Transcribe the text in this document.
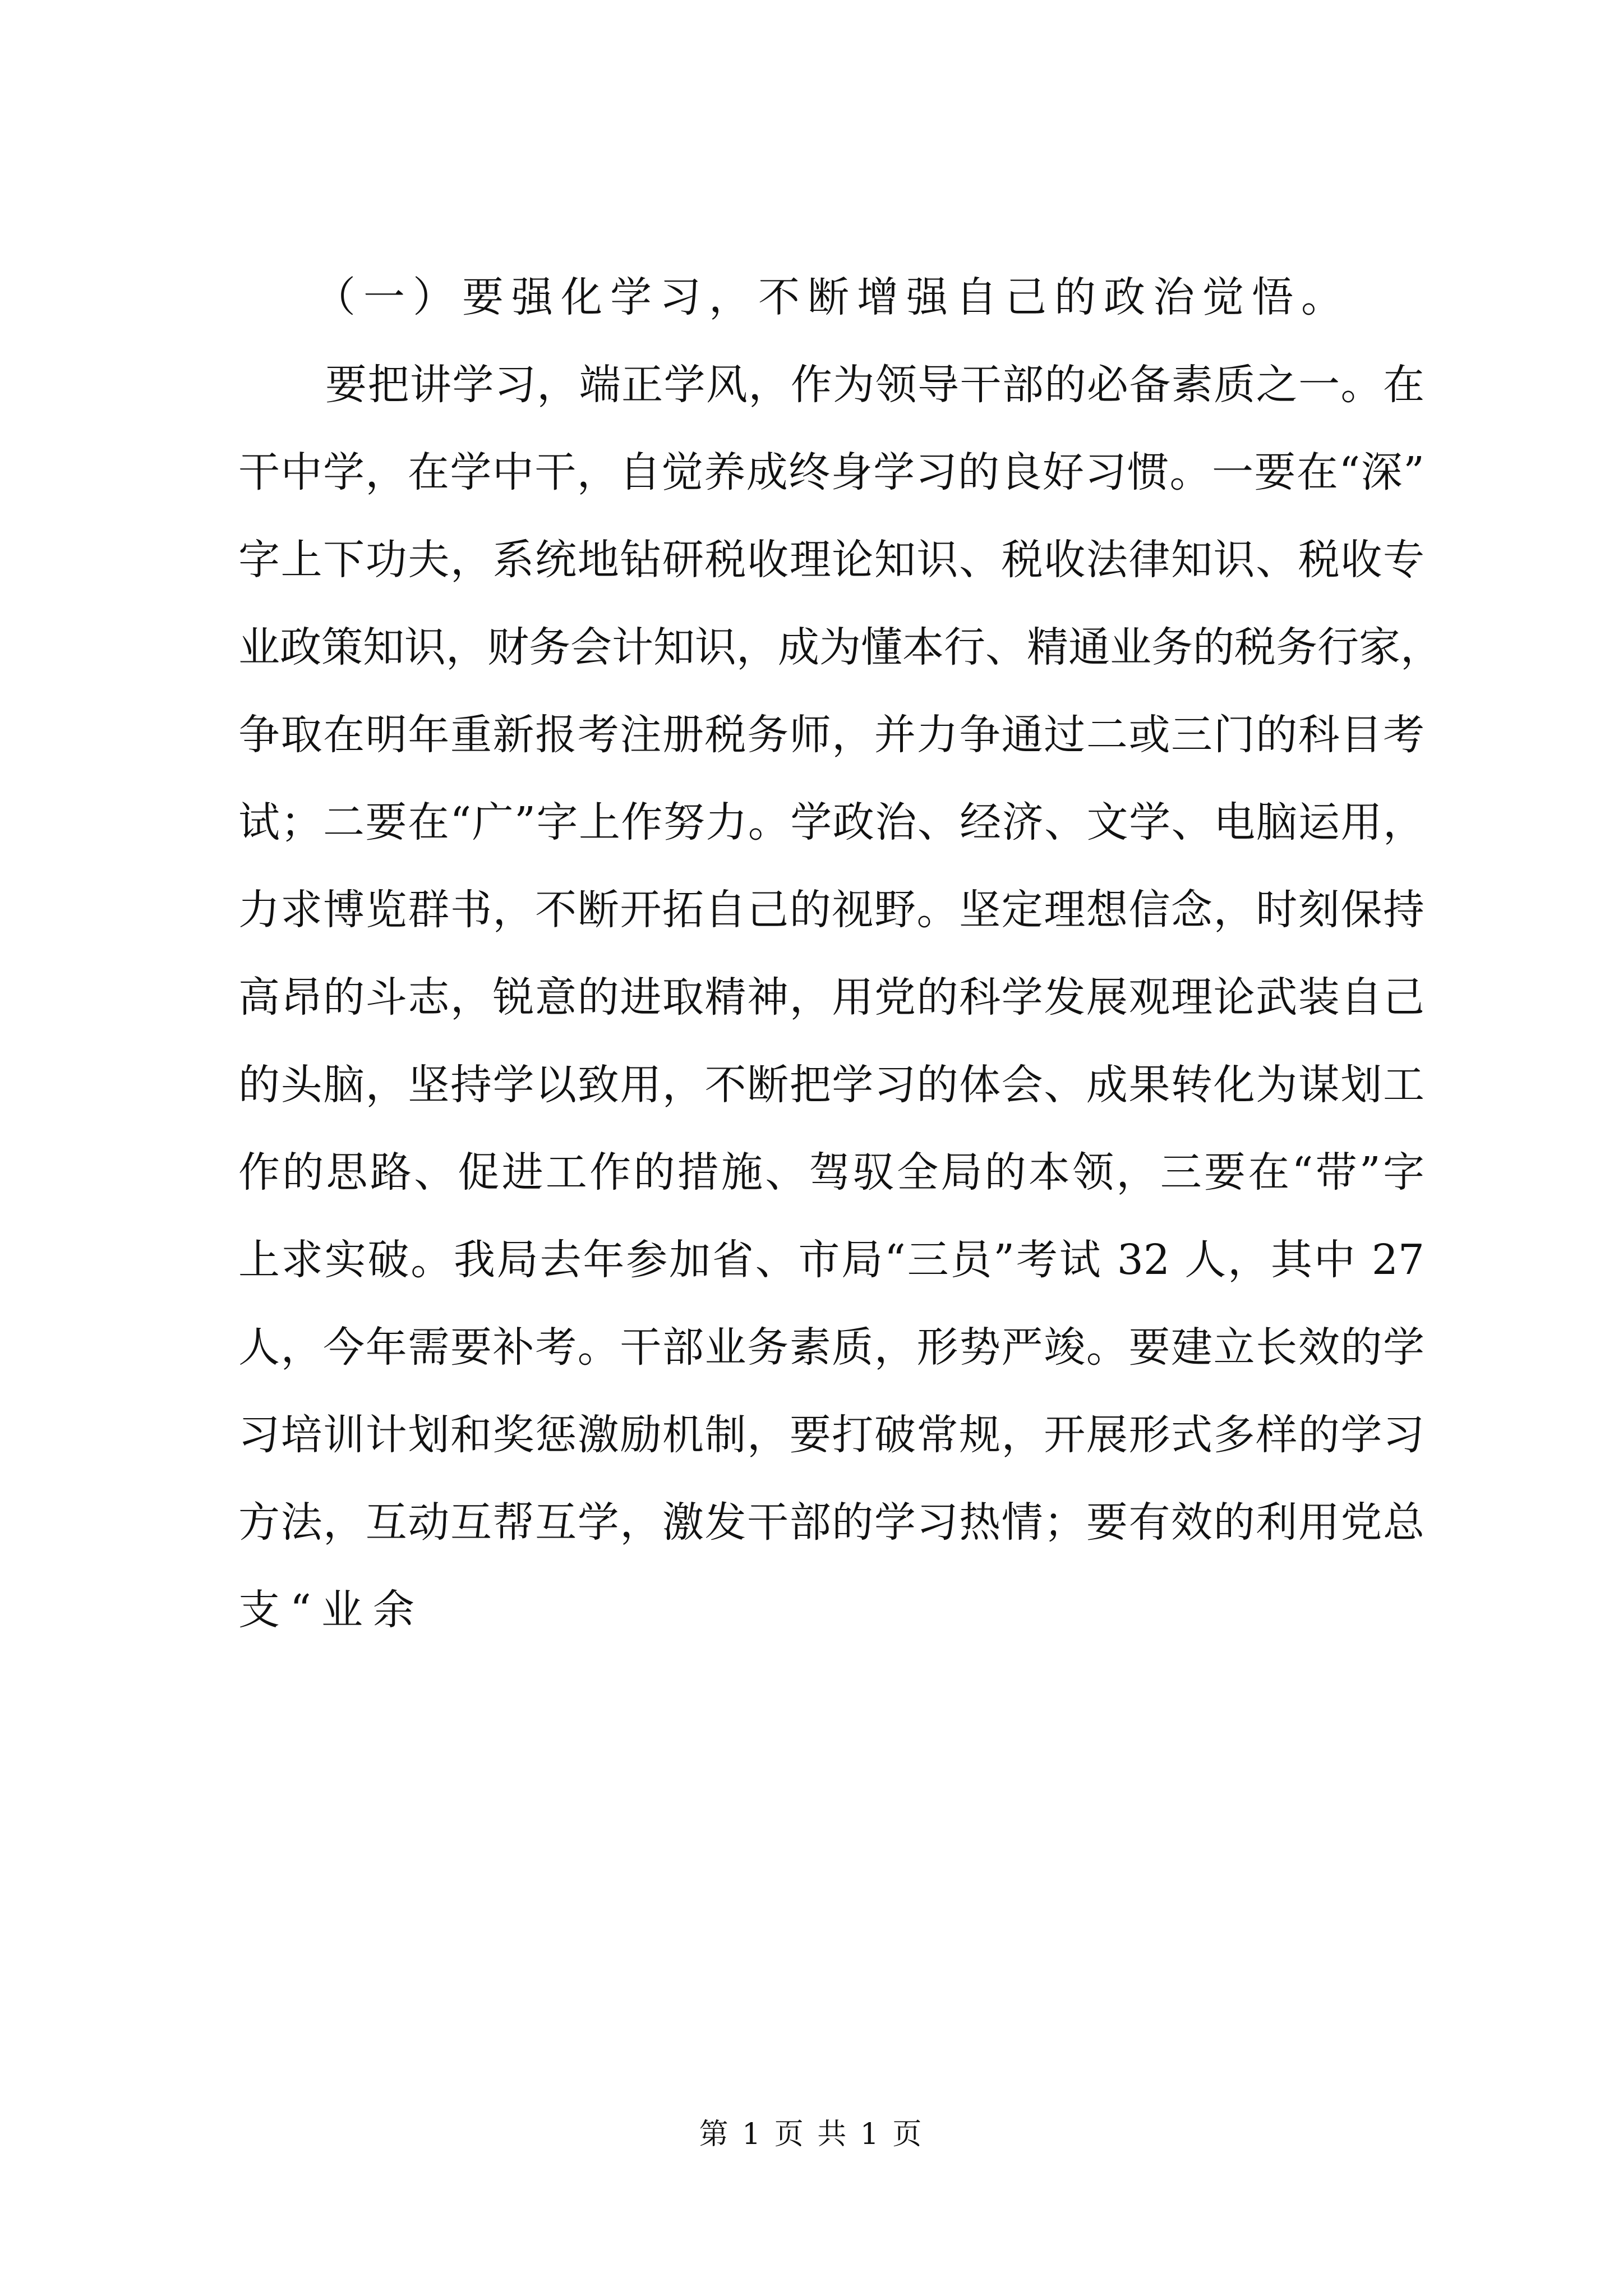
（一）要强化学习，不断增强自己的政治觉悟。
要把讲学习，端正学风，作为领导干部的必备素质之一。在
干中学，在学中干，自觉养成终身学习的良好习惯。一要在“深”
字上下功夫，系统地钻研税收理论知识、税收法律知识、税收专
业政策知识，财务会计知识，成为懂本行、精通业务的税务行家，
争取在明年重新报考注册税务师，并力争通过二或三门的科目考
试；二要在“广”字上作努力。学政治、经济、文学、电脑运用，
力求博览群书，不断开拓自己的视野。坚定理想信念，时刻保持
高昂的斗志，锐意的进取精神，用党的科学发展观理论武装自己
的头脑，坚持学以致用，不断把学习的体会、成果转化为谋划工
作的思路、促进工作的措施、驾驭全局的本领，三要在“带”字
上求实破。我局去年参加省、市局“三员”考试 32 人，其中 27
人，今年需要补考。干部业务素质，形势严竣。要建立长效的学
习培训计划和奖惩激励机制，要打破常规，开展形式多样的学习
方法，互动互帮互学，激发干部的学习热情；要有效的利用党总
支“业余
第 1 页 共 1 页
